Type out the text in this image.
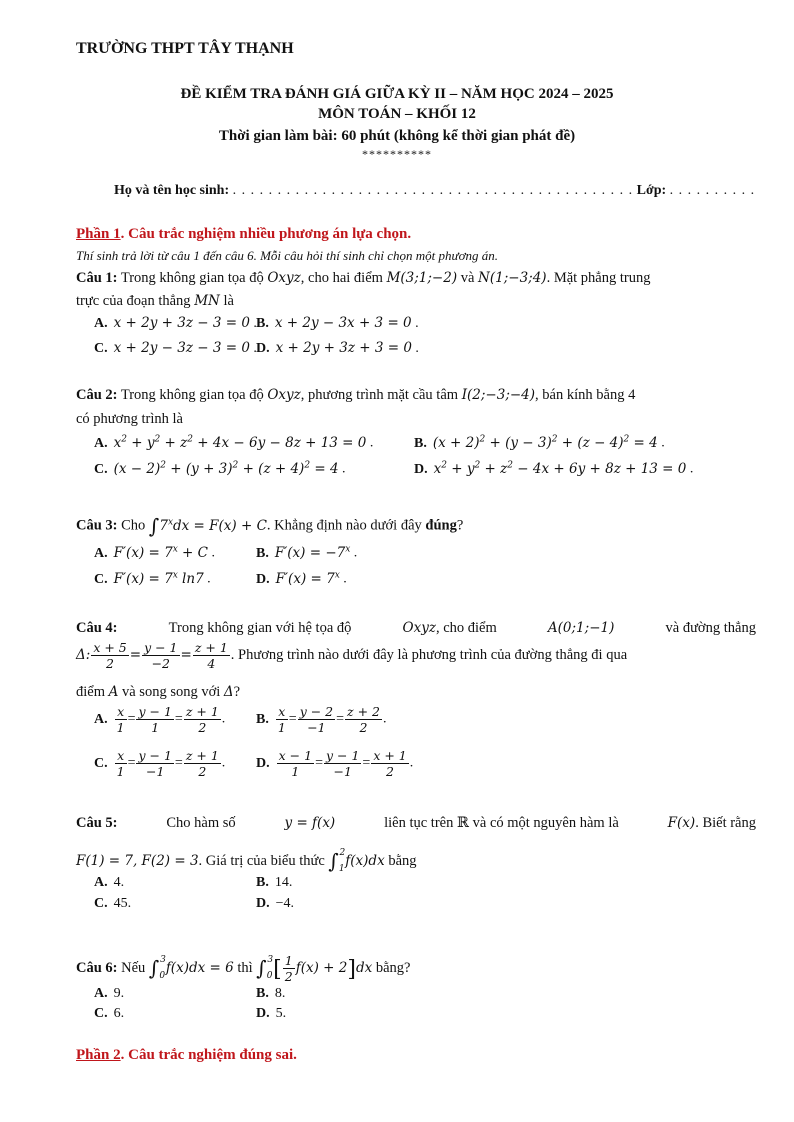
TRƯỜNG THPT TÂY THẠNH
ĐỀ KIỂM TRA ĐÁNH GIÁ GIỮA KỲ II – NĂM HỌC 2024 – 2025
MÔN TOÁN – KHỐI 12
Thời gian làm bài: 60 phút (không kể thời gian phát đề)
**********
Họ và tên học sinh: . . . . . . . . . . . . . . . . . . . . . . . . . . . . . . . . . . . . . . . . . . . . . Lớp: . . . . . . . . . .
Phần 1. Câu trắc nghiệm nhiều phương án lựa chọn.
Thí sinh trả lời từ câu 1 đến câu 6. Mỗi câu hỏi thí sinh chỉ chọn một phương án.
Câu 1: Trong không gian tọa độ Oxyz, cho hai điểm M(3;1;−2) và N(1;−3;4). Mặt phẳng trung
trực của đoạn thẳng MN là
A. x + 2y + 3z − 3 = 0 . B. x + 2y − 3x + 3 = 0 .
C. x + 2y − 3z − 3 = 0 . D. x + 2y + 3z + 3 = 0 .
Câu 2: Trong không gian tọa độ Oxyz, phương trình mặt cầu tâm I(2;−3;−4), bán kính bằng 4
có phương trình là
A. $x^2 + y^2 + z^2 + 4x - 6y - 8z + 13 = 0$ .	B. $(x + 2)^2 + (y - 3)^2 + (z - 4)^2 = 4$ .
C. $(x - 2)^2 + (y + 3)^2 + (z + 4)^2 = 4$ .	D. $x^2 + y^2 + z^2 - 4x + 6y + 8z + 13 = 0$ .
Câu 3: Cho $\int 7^xdx = F(x) + C$. Khẳng định nào dưới đây đúng?
A. $F'(x) = 7^x + C$ .	B. $F'(x) = -7^x$ .
C. $F'(x) = 7^x$ ln7 .	D. $F'(x) = 7^x$ .
Câu 4:	Trong không gian với hệ tọa độ	Oxyz, cho điểm	A(0;1;−1)	và đường thẳng
Δ: $\frac{x + 5}{2} = \frac{y - 1}{-2} = \frac{z + 1}{4}$ . Phương trình nào dưới đây là phương trình của đường thẳng đi qua
điểm A và song song với Δ?
A. $\frac{x}{1} = \frac{y - 1}{1} = \frac{z + 1}{2}$ . B. $\frac{x}{1} = \frac{y - 2}{-1} = \frac{z + 2}{2}$ .
C. $\frac{x}{1} = \frac{y - 1}{-1} = \frac{z + 1}{2}$ . D. $\frac{x - 1}{1} = \frac{y - 1}{-1} = \frac{x + 1}{2}$ .
Câu 5:	Cho hàm số	y = f(x)	liên tục trên ℝ và có một nguyên hàm là	F(x). Biết rằng
F(1) = 7, F(2) = 3. Giá trị của biểu thức $\int_1^2f(x)dx$ bằng
A. 4.	B. 14.
C. 45.	D. −4.
Câu 6: Nếu $\int_0^3f(x)dx = 6$ thì $\int_0^3[ \frac{1}{2} f(x) + 2]dx$ bằng?
A. 9.	B. 8.
C. 6.	D. 5.
Phần 2. Câu trắc nghiệm đúng sai.
